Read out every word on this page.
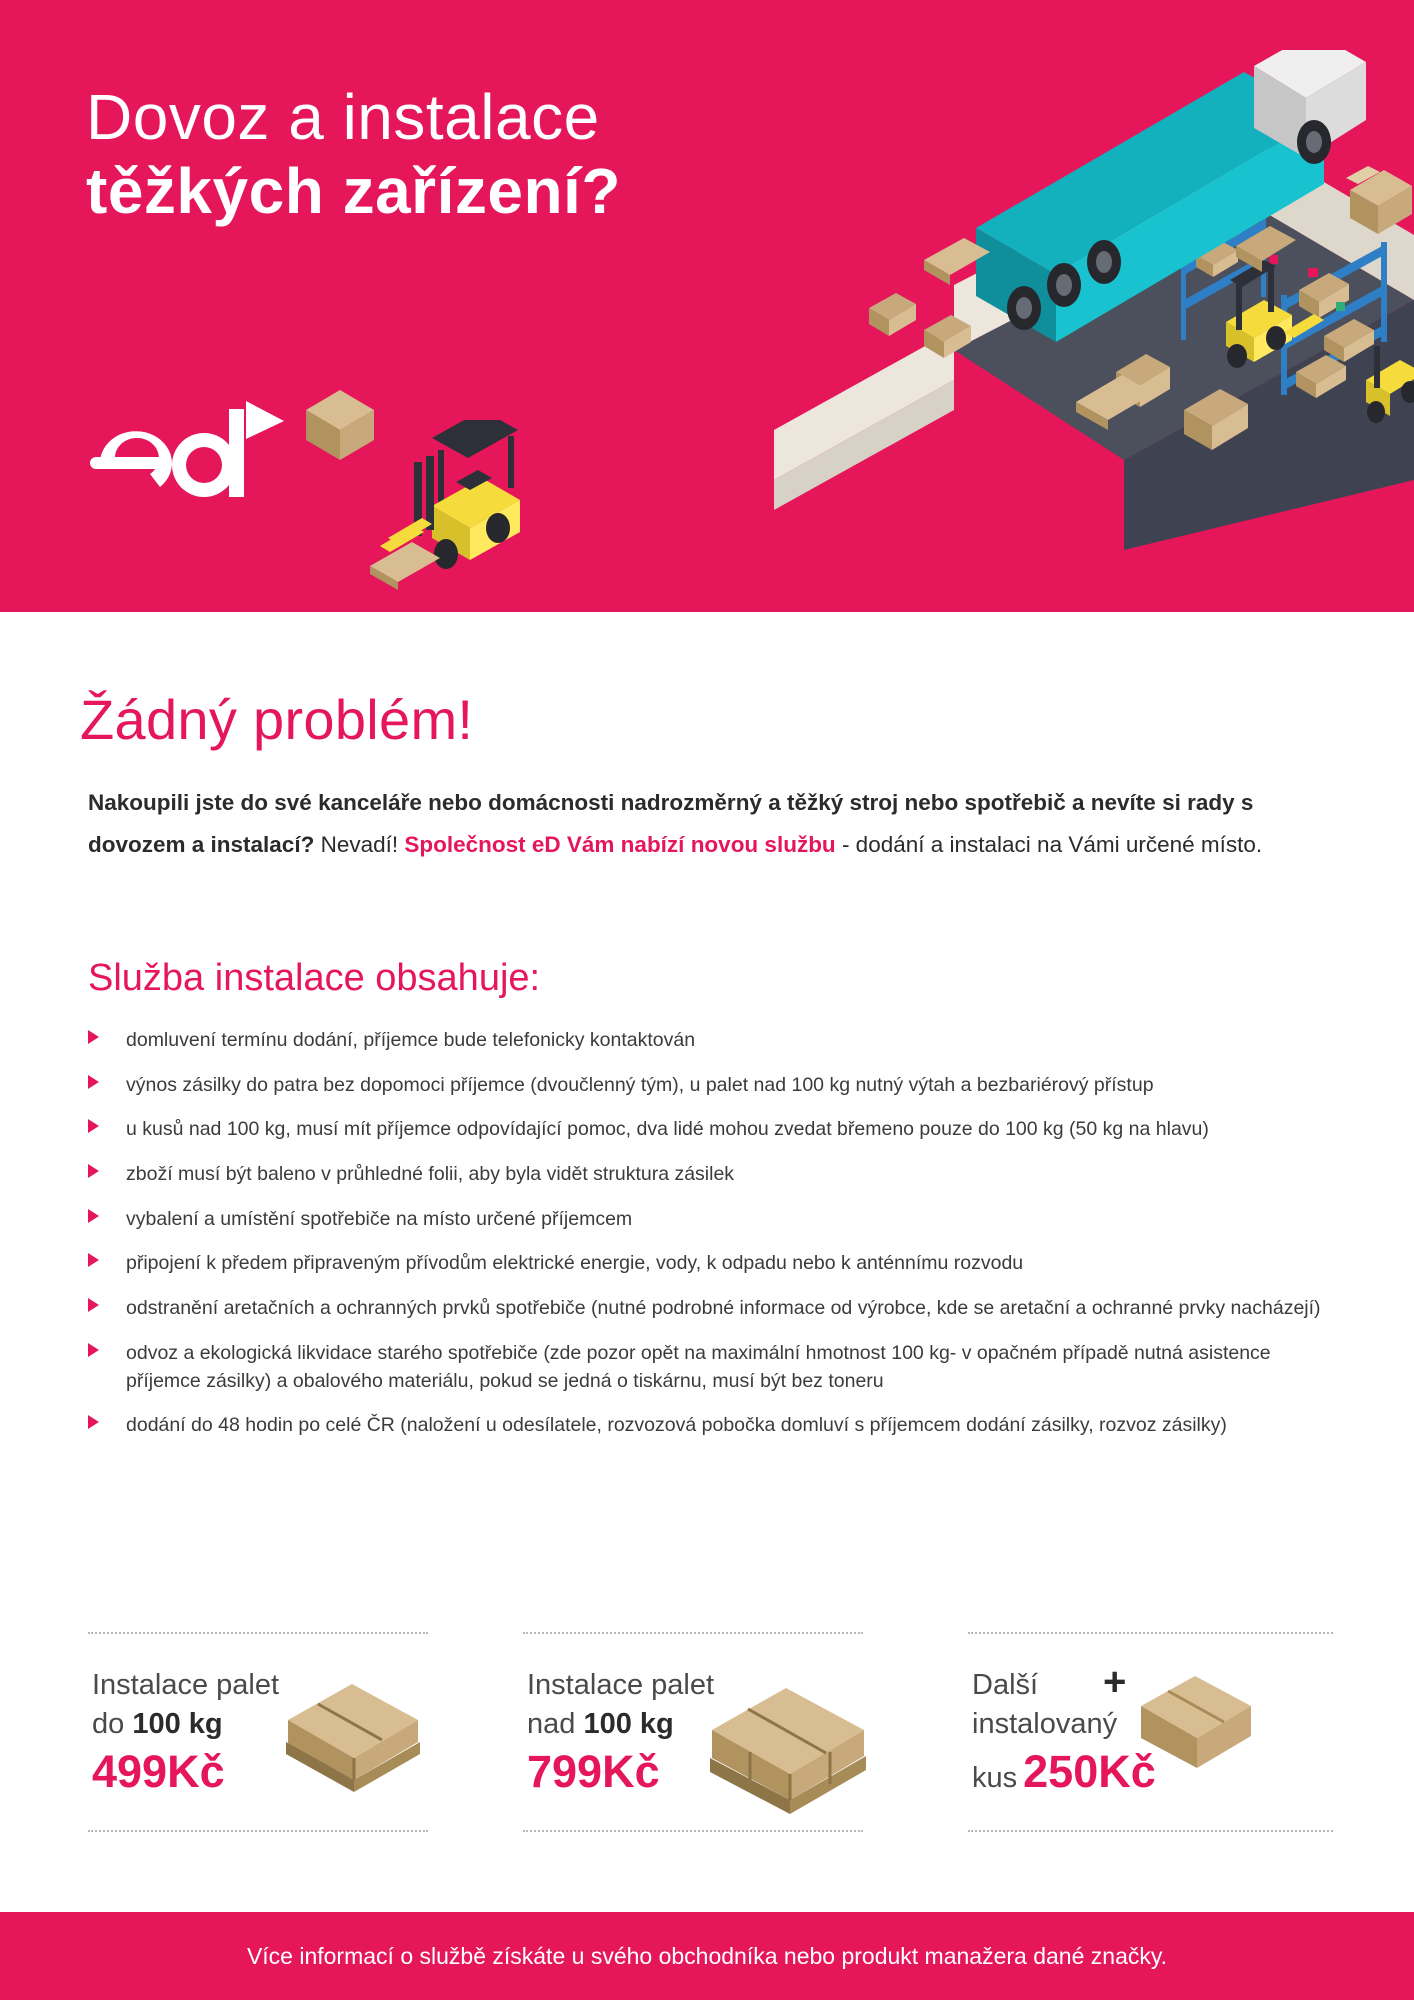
Dovoz a instalace
těžkých zařízení?
Žádný problém!

Nakoupili jste do své kanceláře nebo domácnosti nadrozměrný a těžký stroj nebo spotřebič a nevíte si rady s dovozem a instalací? Nevadí! Společnost eD Vám nabízí novou službu - dodání a instalaci na Vámi určené místo.

Služba instalace obsahuje:
domluvení termínu dodání, příjemce bude telefonicky kontaktován
výnos zásilky do patra bez dopomoci příjemce (dvoučlenný tým), u palet nad 100 kg nutný výtah a bezbariérový přístup
u kusů nad 100 kg, musí mít příjemce odpovídající pomoc, dva lidé mohou zvedat břemeno pouze do 100 kg (50 kg na hlavu)
zboží musí být baleno v průhledné folii, aby byla vidět struktura zásilek
vybalení a umístění spotřebiče na místo určené příjemcem
připojení k předem připraveným přívodům elektrické energie, vody, k odpadu nebo k anténnímu rozvodu
odstranění aretačních a ochranných prvků spotřebiče (nutné podrobné informace od výrobce, kde se aretační a ochranné prvky nacházejí)
odvoz a ekologická likvidace starého spotřebiče (zde pozor opět na maximální hmotnost 100 kg- v opačném případě nutná asistence příjemce zásilky) a obalového materiálu, pokud se jedná o tiskárnu, musí být bez toneru
dodání do 48 hodin po celé ČR (naložení u odesílatele, rozvozová pobočka domluví s příjemcem dodání zásilky, rozvoz zásilky)
Instalace palet
do 100 kg
499Kč
Instalace palet
nad 100 kg
799Kč
Další
instalovaný
kus 250Kč
+
Více informací o službě získáte u svého obchodníka nebo produkt manažera dané značky.
